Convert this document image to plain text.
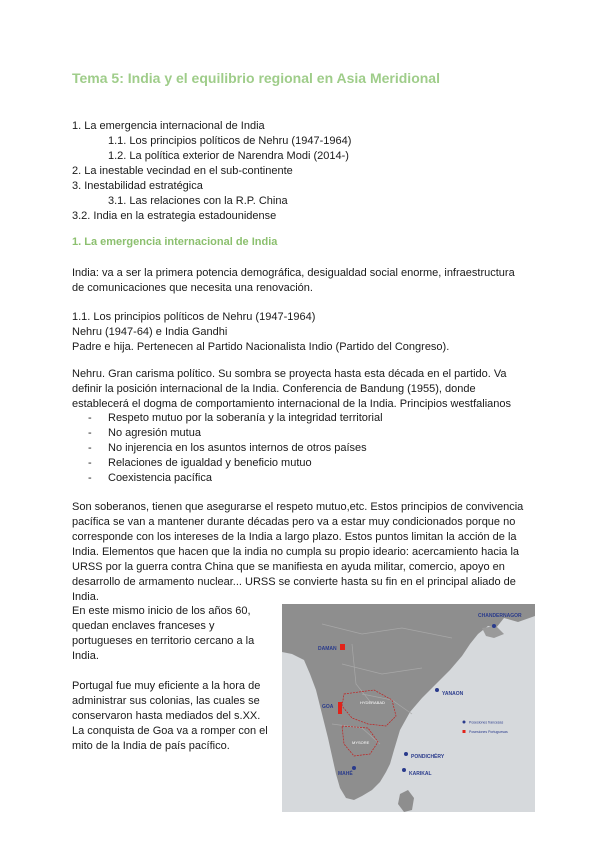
Tema 5: India y el equilibrio regional en Asia Meridional
1. La emergencia internacional de India
1.1. Los principios políticos de Nehru (1947-1964)
1.2. La política exterior de Narendra Modi (2014-)
2. La inestable vecindad en el sub-continente
3. Inestabilidad estratégica
3.1. Las relaciones con la R.P. China
3.2. India en la estrategia estadounidense
1. La emergencia internacional de India
India: va a ser la primera potencia demográfica, desigualdad social enorme, infraestructura
de comunicaciones que necesita una renovación.
1.1. Los principios políticos de Nehru (1947-1964)
Nehru (1947-64) e India Gandhi
Padre e hija. Pertenecen al Partido Nacionalista Indio (Partido del Congreso).
Nehru. Gran carisma político. Su sombra se proyecta hasta esta década en el partido. Va
definir la posición internacional de la India. Conferencia de Bandung (1955), donde
establecerá el dogma de comportamiento internacional de la India. Principios westfalianos
- Respeto mutuo por la soberanía y la integridad territorial
- No agresión mutua
- No injerencia en los asuntos internos de otros países
- Relaciones de igualdad y beneficio mutuo
- Coexistencia pacífica
Son soberanos, tienen que asegurarse el respeto mutuo,etc. Estos principios de convivencia
pacífica se van a mantener durante décadas pero va a estar muy condicionados porque no
corresponde con los intereses de la India a largo plazo. Estos puntos limitan la acción de la
India. Elementos que hacen que la india no cumpla su propio ideario: acercamiento hacia la
URSS por la guerra contra China que se manifiesta en ayuda militar, comercio, apoyo en
desarrollo de armamento nuclear... URSS se convierte hasta su fin en el principal aliado de
India.
En este mismo inicio de los años 60,
quedan enclaves franceses y
portugueses en territorio cercano a la
India.

Portugal fue muy eficiente a la hora de
administrar sus colonias, las cuales se
conservaron hasta mediados del s.XX.
La conquista de Goa va a romper con el
mito de la India de país pacífico.
CHANDERNAGOR
DAMAN
GOA
YANAON
PONDICHÉRY
KARIKAL
MAHÉ
HYDERABAD
MYSORE
Posesiones francesas
Posesiones Portuguesas
